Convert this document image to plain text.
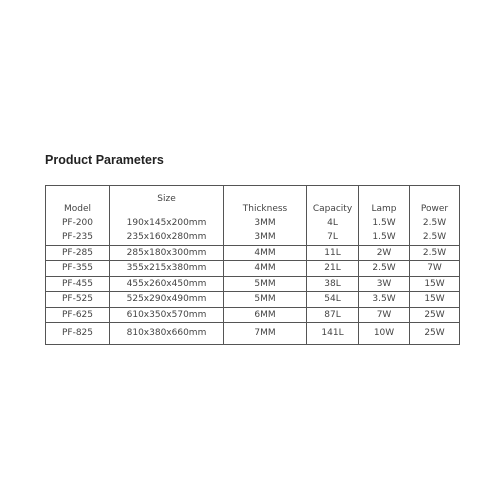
Product Parameters
Model	Size	Thickness	Capacity	Lamp	Power
PF-200	190x145x200mm	3MM	4L	1.5W	2.5W
PF-235	235x160x280mm	3MM	7L	1.5W	2.5W
PF-285	285x180x300mm	4MM	11L	2W	2.5W
PF-355	355x215x380mm	4MM	21L	2.5W	7W
PF-455	455x260x450mm	5MM	38L	3W	15W
PF-525	525x290x490mm	5MM	54L	3.5W	15W
PF-625	610x350x570mm	6MM	87L	7W	25W
PF-825	810x380x660mm	7MM	141L	10W	25W
